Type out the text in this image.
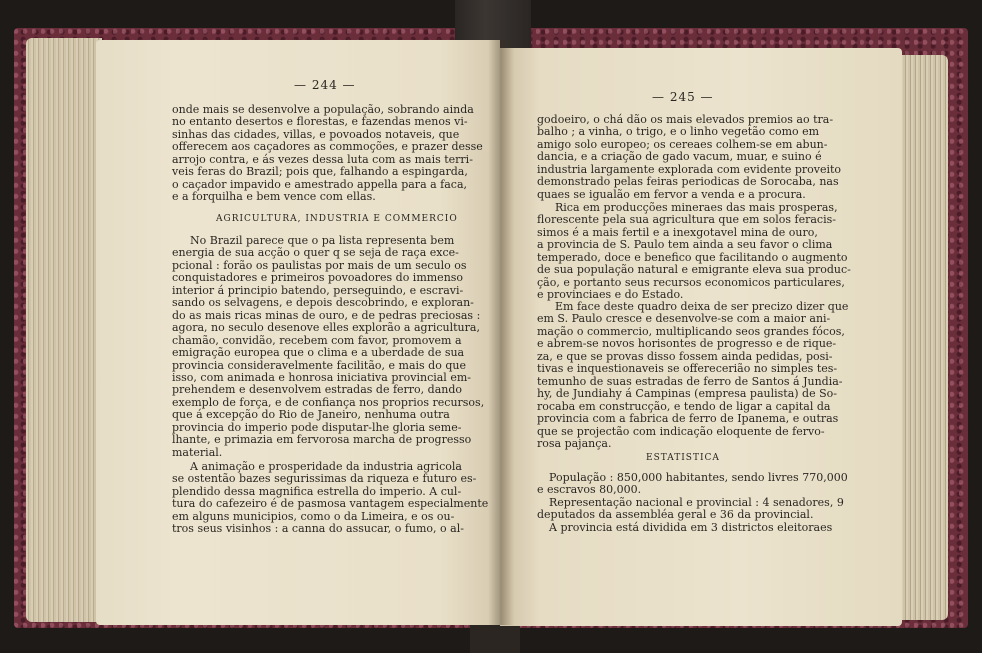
— 244 —
onde mais se desenvolve a população, sobrando ainda
no entanto desertos e florestas, e fazendas menos vi-
sinhas das cidades, villas, e povoados notaveis, que
offerecem aos caçadores as commoções, e prazer desse
arrojo contra, e ás vezes dessa luta com as mais terri-
veis feras do Brazil; pois que, falhando a espingarda,
o caçador impavido e amestrado appella para a faca,
e a forquilha e bem vence com ellas.
AGRICULTURA, INDUSTRIA E COMMERCIO
No Brazil parece que o pa lista representa bem
energia de sua acção o quer q se seja de raça exce-
pcional : forão os paulistas por mais de um seculo os
conquistadores e primeiros povoadores do immenso
interior á principio batendo, perseguindo, e escravi-
sando os selvagens, e depois descobrindo, e exploran-
do as mais ricas minas de ouro, e de pedras preciosas :
agora, no seculo desenove elles explorão a agricultura,
chamão, convidão, recebem com favor, promovem a
emigração europea que o clima e a uberdade de sua
provincia consideravelmente facilitão, e mais do que
isso, com animada e honrosa iniciativa provincial em-
prehendem e desenvolvem estradas de ferro, dando
exemplo de força, e de confiança nos proprios recursos,
que á excepção do Rio de Janeiro, nenhuma outra
provincia do imperio pode disputar-lhe gloria seme-
lhante, e primazia em fervorosa marcha de progresso
material.
A animação e prosperidade da industria agricola
se ostentão bazes segurissimas da riqueza e futuro es-
plendido dessa magnifica estrella do imperio. A cul-
tura do cafezeiro é de pasmosa vantagem especialmente
em alguns municipios, como o da Limeira, e os ou-
tros seus visinhos : a canna do assucar, o fumo, o al-
— 245 —
godoeiro, o chá dão os mais elevados premios ao tra-
balho ; a vinha, o trigo, e o linho vegetão como em
amigo solo europeo; os cereaes colhem-se em abun-
dancia, e a criação de gado vacum, muar, e suino é
industria largamente explorada com evidente proveito
demonstrado pelas feiras periodicas de Sorocaba, nas
quaes se igualão em fervor a venda e a procura.
Rica em producções mineraes das mais prosperas,
florescente pela sua agricultura que em solos feracis-
simos é a mais fertil e a inexgotavel mina de ouro,
a provincia de S. Paulo tem ainda a seu favor o clima
temperado, doce e benefico que facilitando o augmento
de sua população natural e emigrante eleva sua produc-
ção, e portanto seus recursos economicos particulares,
e provinciaes e do Estado.
Em face deste quadro deixa de ser precizo dizer que
em S. Paulo cresce e desenvolve-se com a maior ani-
mação o commercio, multiplicando seos grandes fócos,
e abrem-se novos horisontes de progresso e de rique-
za, e que se provas disso fossem ainda pedidas, posi-
tivas e inquestionaveis se offerecerião no simples tes-
temunho de suas estradas de ferro de Santos á Jundia-
hy, de Jundiahy á Campinas (empresa paulista) de So-
rocaba em construcção, e tendo de ligar a capital da
provincia com a fabrica de ferro de Ipanema, e outras
que se projectão com indicação eloquente de fervo-
rosa pajança.
ESTATISTICA
População : 850,000 habitantes, sendo livres 770,000
e escravos 80,000.
Representação nacional e provincial : 4 senadores, 9
deputados da assembléa geral e 36 da provincial.
A provincia está dividida em 3 districtos eleitoraes
